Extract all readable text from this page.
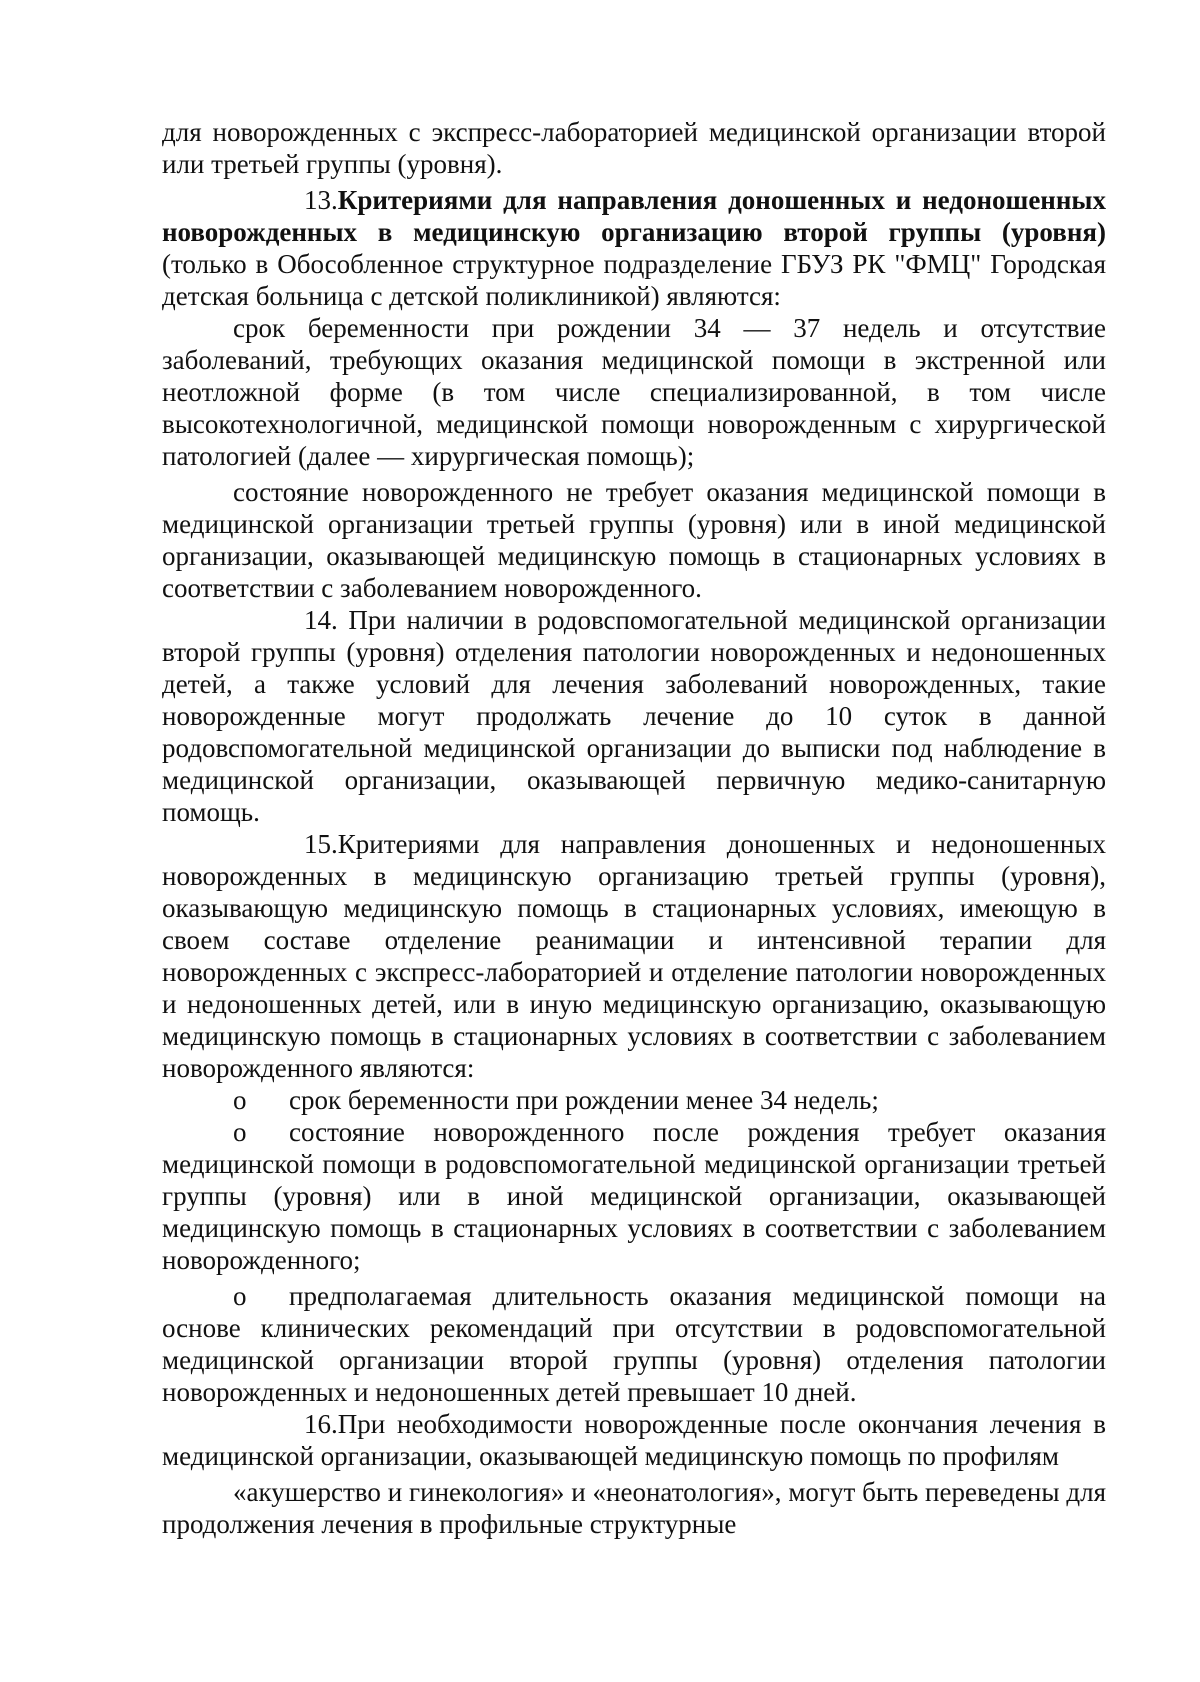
для новорожденных с экспресс-лабораторией медицинской организации второй или третьей группы (уровня).

13.Критериями для направления доношенных и недоношенных новорожденных в медицинскую организацию второй группы (уровня) (только в Обособленное структурное подразделение ГБУЗ РК "ФМЦ" Городская детская больница с детской поликлиникой) являются:

срок беременности при рождении 34 — 37 недель и отсутствие заболеваний, требующих оказания медицинской помощи в экстренной или неотложной форме (в том числе специализированной, в том числе высокотехнологичной, медицинской помощи новорожденным с хирургической патологией (далее — хирургическая помощь);

состояние новорожденного не требует оказания медицинской помощи в медицинской организации третьей группы (уровня) или в иной медицинской организации, оказывающей медицинскую помощь в стационарных условиях в соответствии с заболеванием новорожденного.

14. При наличии в родовспомогательной медицинской организации второй группы (уровня) отделения патологии новорожденных и недоношенных детей, а также условий для лечения заболеваний новорожденных, такие новорожденные могут продолжать лечение до 10 суток в данной родовспомогательной медицинской организации до выписки под наблюдение в медицинской организации, оказывающей первичную медико-санитарную помощь.

15.Критериями для направления доношенных и недоношенных новорожденных в медицинскую организацию третьей группы (уровня), оказывающую медицинскую помощь в стационарных условиях, имеющую в своем составе отделение реанимации и интенсивной терапии для новорожденных с экспресс-лабораторией и отделение патологии новорожденных и недоношенных детей, или в иную медицинскую организацию, оказывающую медицинскую помощь в стационарных условиях в соответствии с заболеванием новорожденного являются:

o срок беременности при рождении менее 34 недель;

o состояние новорожденного после рождения требует оказания медицинской помощи в родовспомогательной медицинской организации третьей группы (уровня) или в иной медицинской организации, оказывающей медицинскую помощь в стационарных условиях в соответствии с заболеванием новорожденного;

o предполагаемая длительность оказания медицинской помощи на основе клинических рекомендаций при отсутствии в родовспомогательной медицинской организации второй группы (уровня) отделения патологии новорожденных и недоношенных детей превышает 10 дней.

16.При необходимости новорожденные после окончания лечения в медицинской организации, оказывающей медицинскую помощь по профилям

«акушерство и гинекология» и «неонатология», могут быть переведены для продолжения лечения в профильные структурные
